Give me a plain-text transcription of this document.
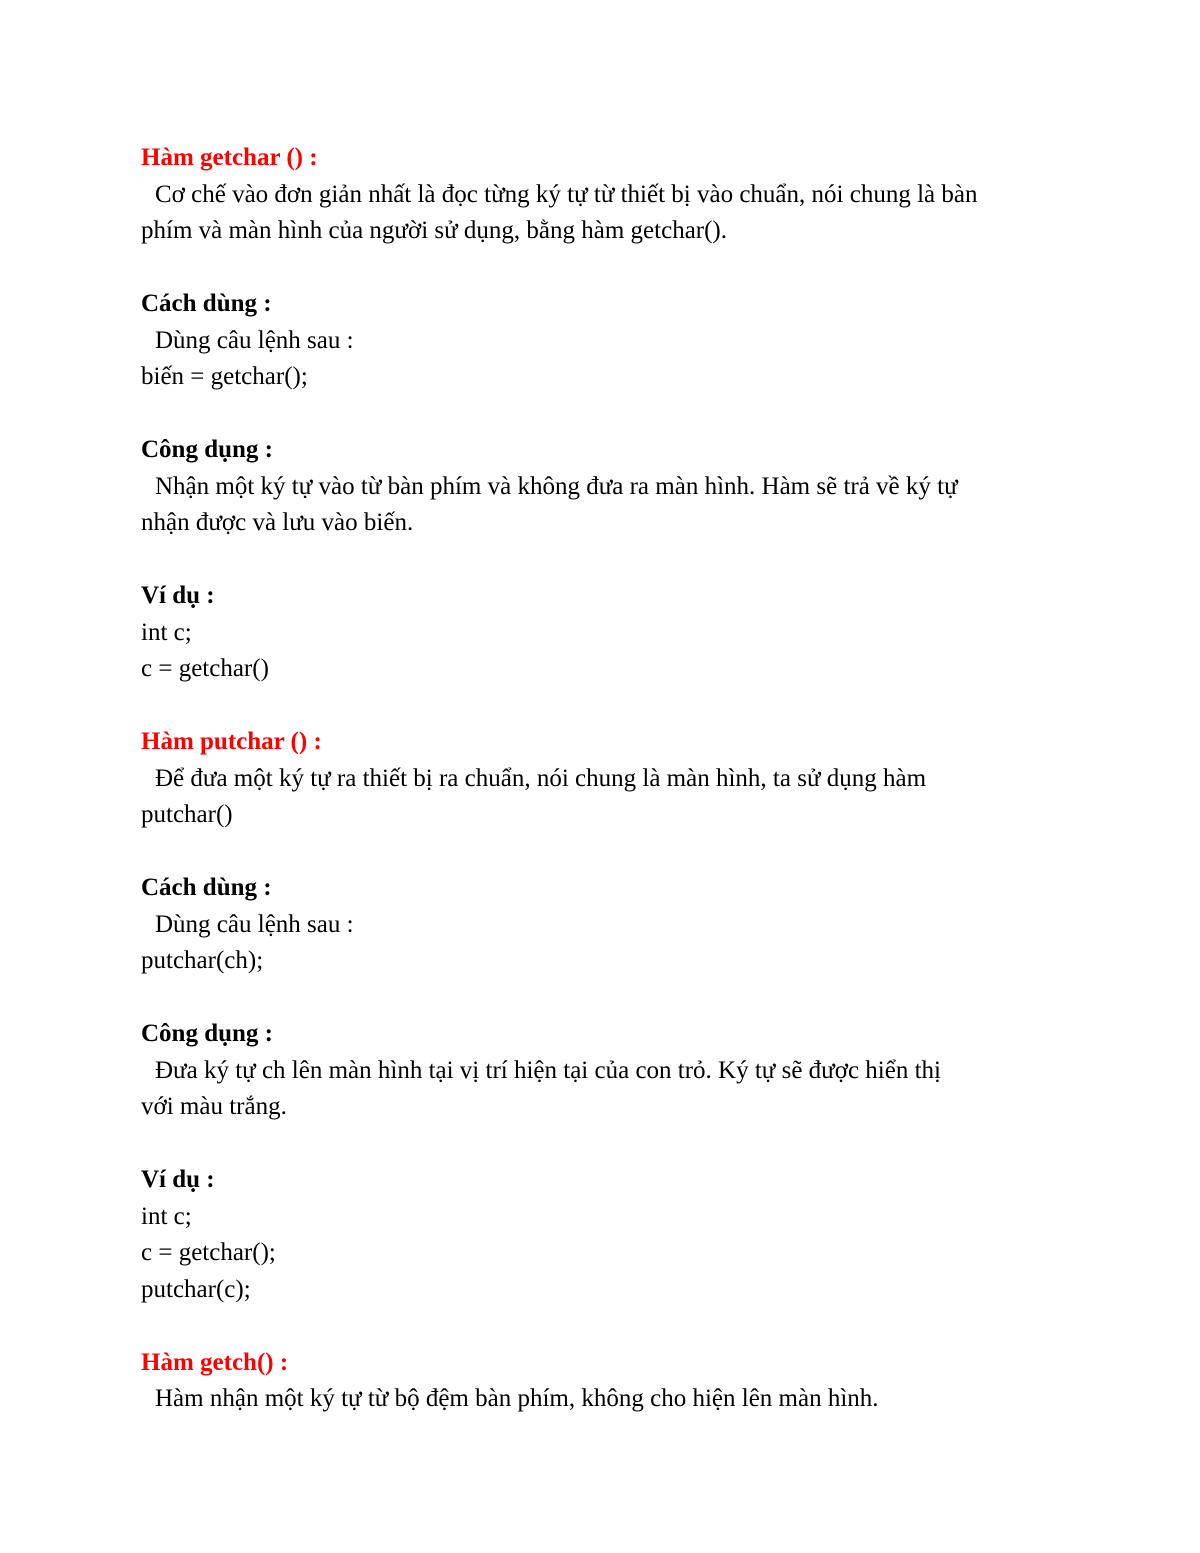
Hàm getchar () :
Cơ chế vào đơn giản nhất là đọc từng ký tự từ thiết bị vào chuẩn, nói chung là bàn
phím và màn hình của người sử dụng, bằng hàm getchar().
Cách dùng :
Dùng câu lệnh sau :
biến = getchar();
Công dụng :
Nhận một ký tự vào từ bàn phím và không đưa ra màn hình. Hàm sẽ trả về ký tự
nhận được và lưu vào biến.
Ví dụ :
int c;
c = getchar()
Hàm putchar () :
Để đưa một ký tự ra thiết bị ra chuẩn, nói chung là màn hình, ta sử dụng hàm
putchar()
Cách dùng :
Dùng câu lệnh sau :
putchar(ch);
Công dụng :
Đưa ký tự ch lên màn hình tại vị trí hiện tại của con trỏ. Ký tự sẽ được hiển thị
với màu trắng.
Ví dụ :
int c;
c = getchar();
putchar(c);
Hàm getch() :
Hàm nhận một ký tự từ bộ đệm bàn phím, không cho hiện lên màn hình.
